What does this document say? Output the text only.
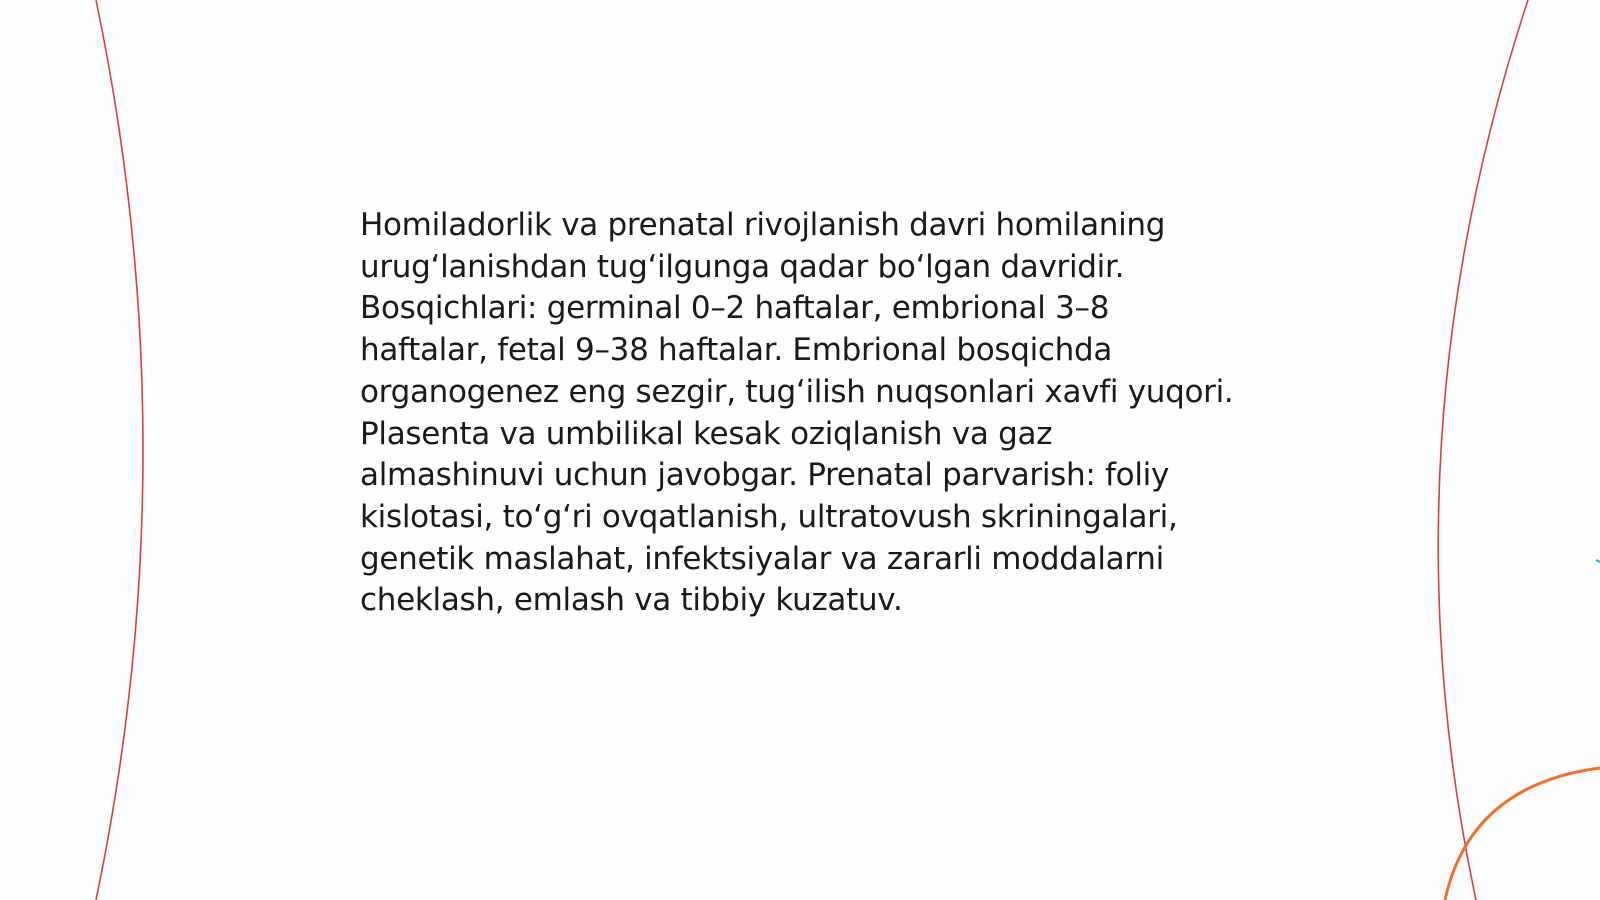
Homiladorlik va prenatal rivojlanish davri homilaning urug‘lanishdan tug‘ilgunga qadar bo‘lgan davridir. Bosqichlari: germinal 0–2 haftalar, embrional 3–8 haftalar, fetal 9–38 haftalar. Embrional bosqichda organogenez eng sezgir, tug‘ilish nuqsonlari xavfi yuqori. Plasenta va umbilikal kesak oziqlanish va gaz almashinuvi uchun javobgar. Prenatal parvarish: foliy kislotasi, to‘g‘ri ovqatlanish, ultratovush skriningalari, genetik maslahat, infektsiyalar va zararli moddalarni cheklash, emlash va tibbiy kuzatuv.
